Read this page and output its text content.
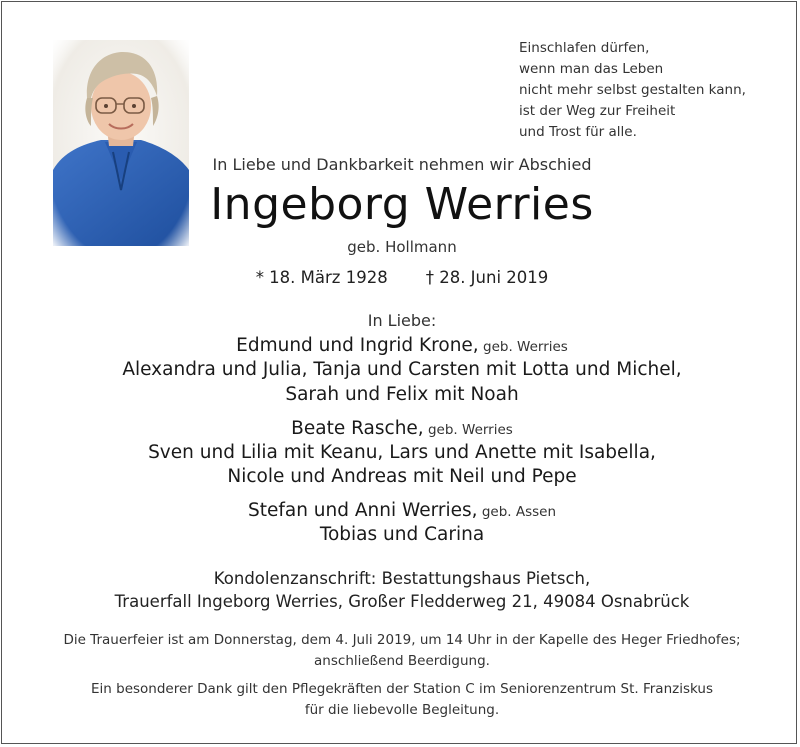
Einschlafen dürfen,
wenn man das Leben
nicht mehr selbst gestalten kann,
ist der Weg zur Freiheit
und Trost für alle.
In Liebe und Dankbarkeit nehmen wir Abschied
Ingeborg Werries
geb. Hollmann
* 18. März 1928 † 28. Juni 2019
In Liebe:
Edmund und Ingrid Krone, geb. Werries
Alexandra und Julia, Tanja und Carsten mit Lotta und Michel,
Sarah und Felix mit Noah
Beate Rasche, geb. Werries
Sven und Lilia mit Keanu, Lars und Anette mit Isabella,
Nicole und Andreas mit Neil und Pepe
Stefan und Anni Werries, geb. Assen
Tobias und Carina
Kondolenzanschrift: Bestattungshaus Pietsch,
Trauerfall Ingeborg Werries, Großer Fledderweg 21, 49084 Osnabrück
Die Trauerfeier ist am Donnerstag, dem 4. Juli 2019, um 14 Uhr in der Kapelle des Heger Friedhofes;
anschließend Beerdigung.
Ein besonderer Dank gilt den Pflegekräften der Station C im Seniorenzentrum St. Franziskus
für die liebevolle Begleitung.
